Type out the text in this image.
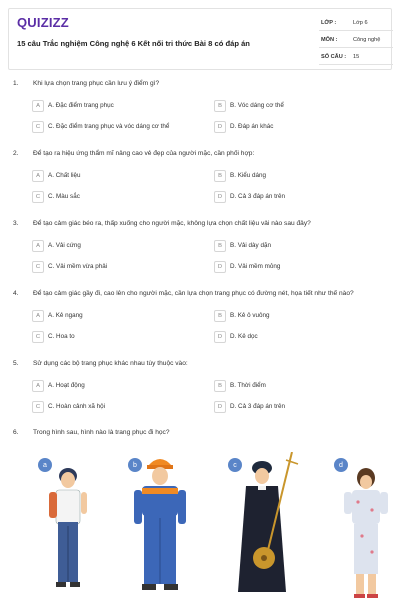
QUIZIZZ
15 câu Trắc nghiệm Công nghệ 6 Kết nối tri thức Bài 8 có đáp án
LỚP :	Lớp 6
MÔN :	Công nghệ
SỐ CÂU : 15
1. Khi lựa chọn trang phục cần lưu ý điểm gì?
A	A. Đặc điểm trang phục	B	B. Vóc dáng cơ thể
C	C. Đặc điểm trang phục và vóc dáng cơ thể	D	D. Đáp án khác
2. Để tạo ra hiệu ứng thẩm mĩ nâng cao vẻ đẹp của người mặc, cần phối hợp:
A	A. Chất liệu	B	B. Kiểu dáng
C	C. Màu sắc	D	D. Cả 3 đáp án trên
3. Để tạo cảm giác béo ra, thấp xuống cho người mặc, không lựa chọn chất liệu vải nào sau đây?
A	A. Vải cứng	B	B. Vải dày dặn
C	C. Vải mềm vừa phải	D	D. Vải mềm mỏng
4. Để tạo cảm giác gầy đi, cao lên cho người mặc, cần lựa chọn trang phục có đường nét, họa tiết như thế nào?
A	A. Kẻ ngang	B	B. Kẻ ô vuông
C	C. Hoa to	D	D. Kẻ dọc
5. Sử dụng các bộ trang phục khác nhau tùy thuộc vào:
A	A. Hoạt động	B	B. Thời điểm
C	C. Hoàn cảnh xã hội	D	D. Cả 3 đáp án trên
6. Trong hình sau, hình nào là trang phục đi học?
a	b	c	d
